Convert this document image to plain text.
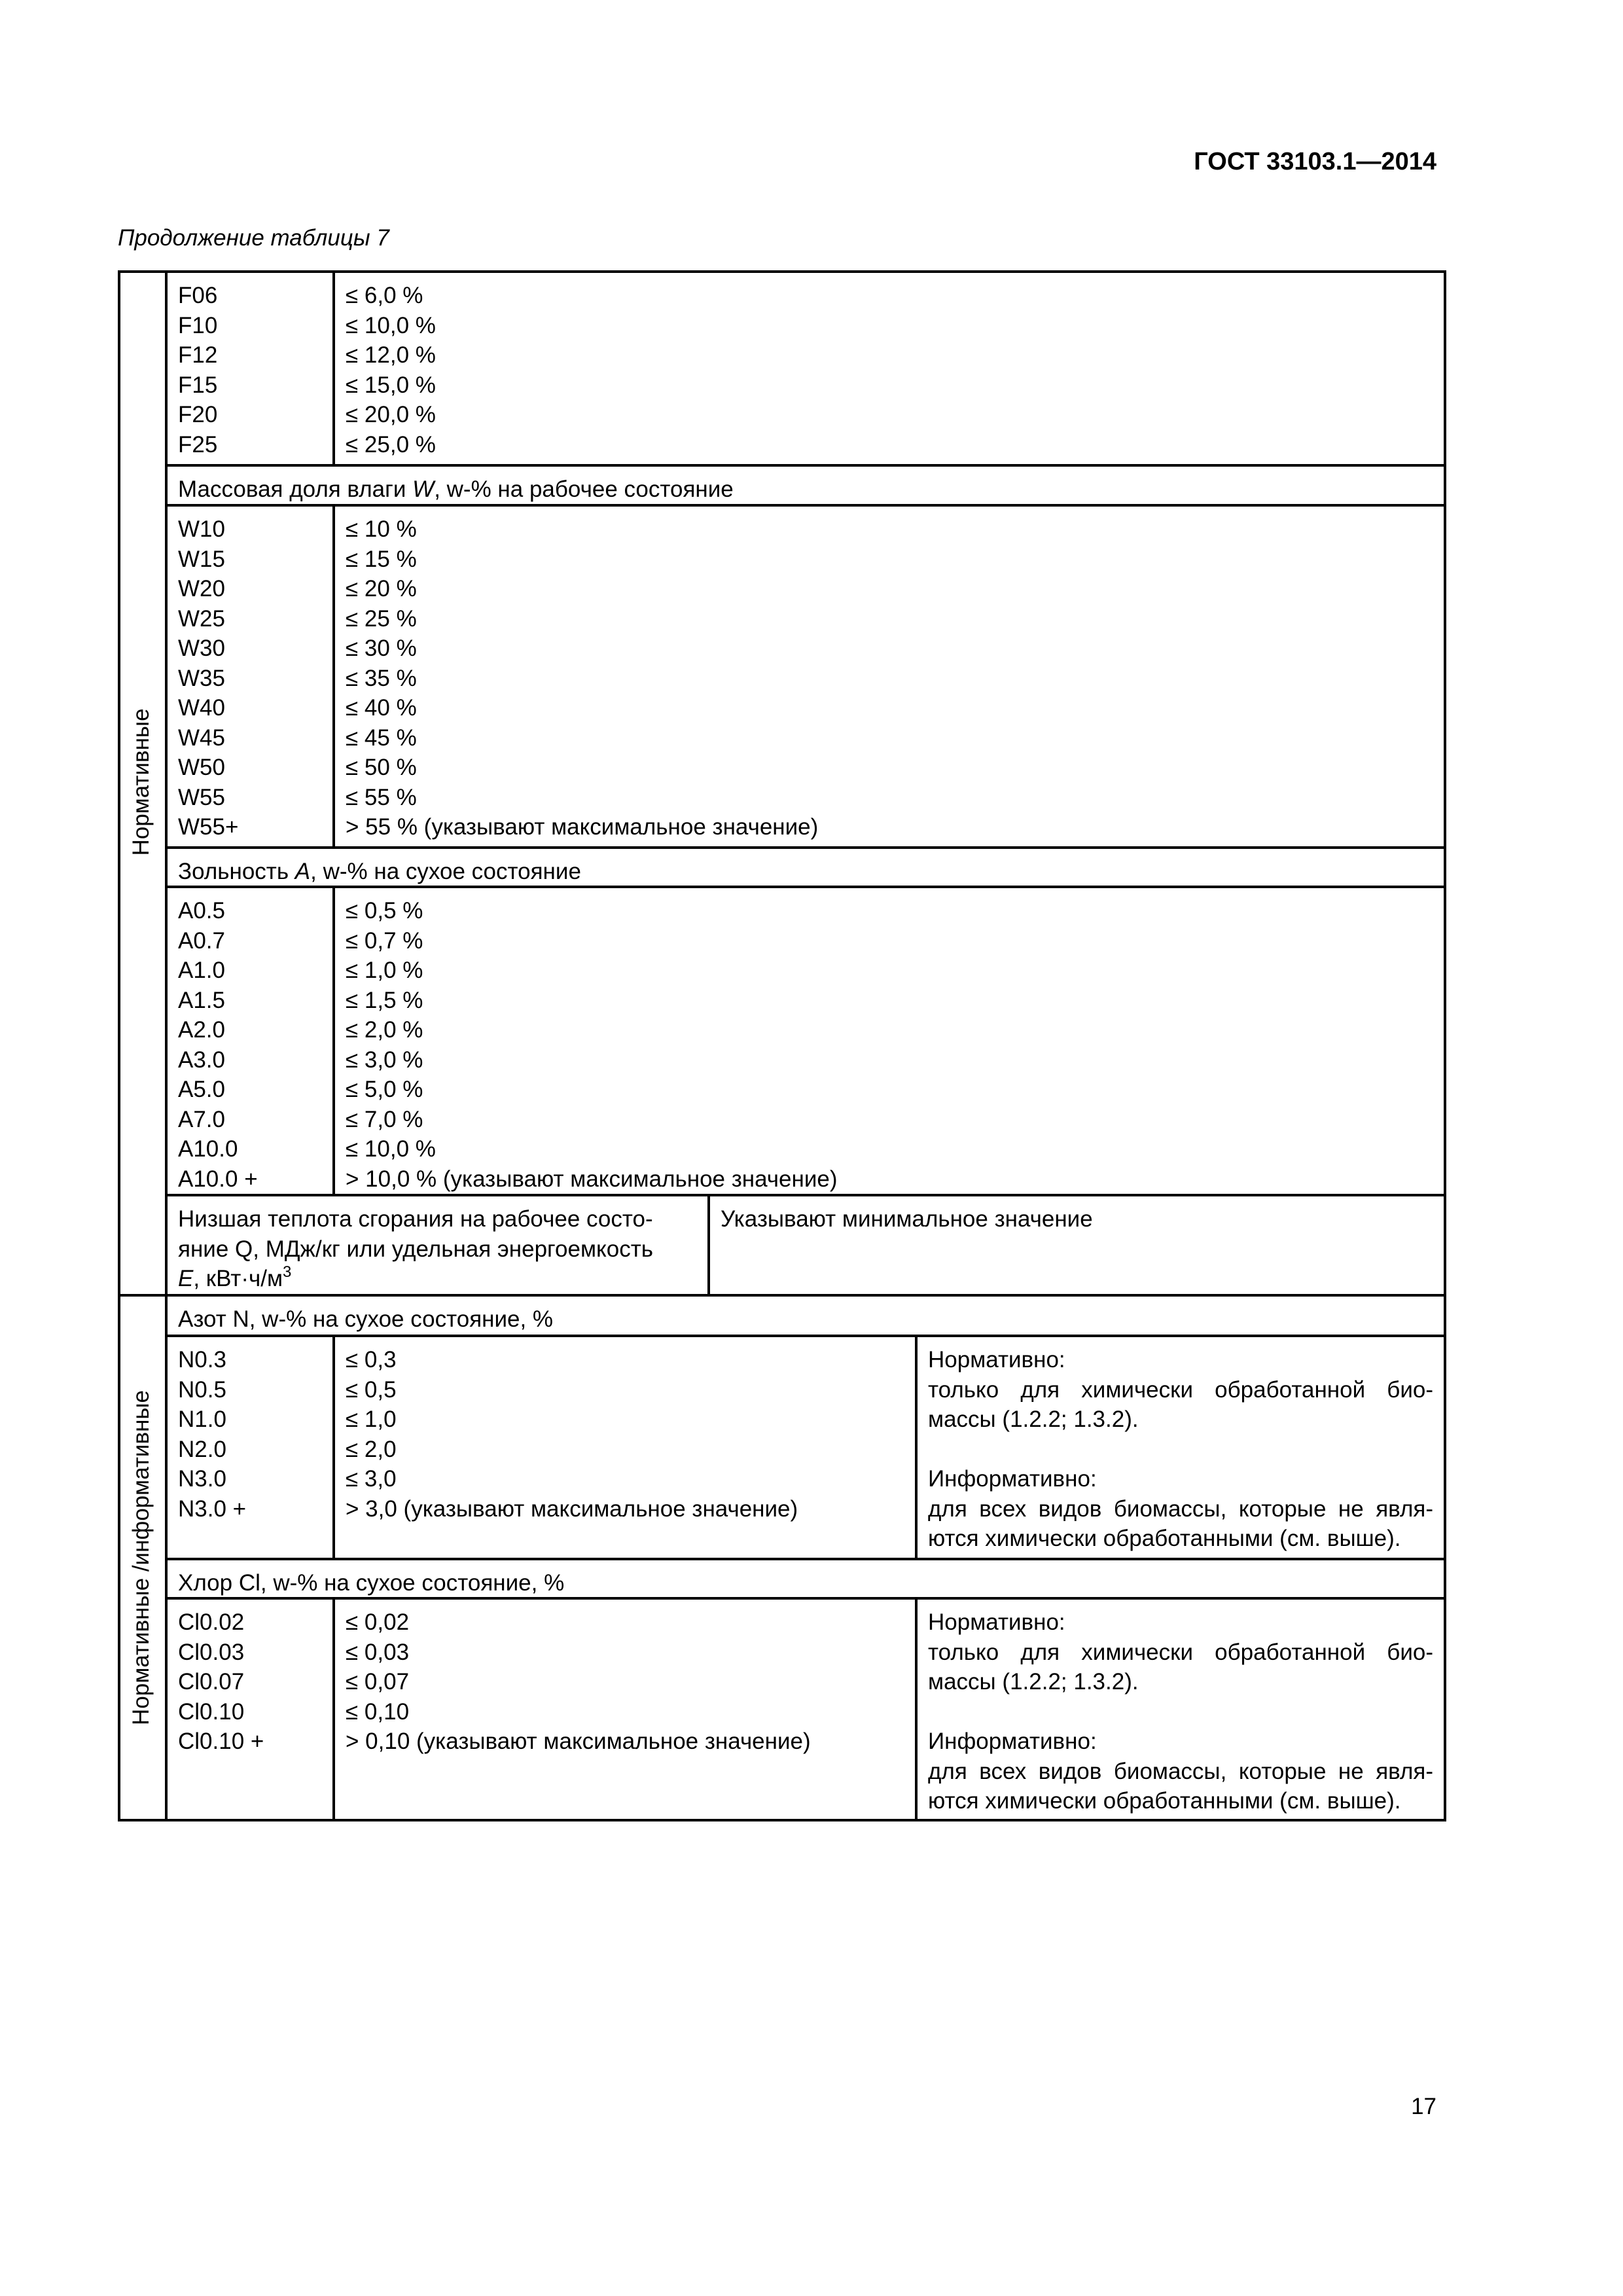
ГОСТ 33103.1—2014
Продолжение таблицы 7
Нормативные
Нормативные /информативные
F06
F10
F12
F15
F20
F25
≤ 6,0 %
≤ 10,0 %
≤ 12,0 %
≤ 15,0 %
≤ 20,0 %
≤ 25,0 %
Массовая доля влаги W, w-% на рабочее состояние
W10
W15
W20
W25
W30
W35
W40
W45
W50
W55
W55+
≤ 10 %
≤ 15 %
≤ 20 %
≤ 25 %
≤ 30 %
≤ 35 %
≤ 40 %
≤ 45 %
≤ 50 %
≤ 55 %
> 55 % (указывают максимальное значение)
Зольность A, w-% на сухое состояние
A0.5
A0.7
A1.0
A1.5
A2.0
A3.0
A5.0
A7.0
A10.0
A10.0 +
≤ 0,5 %
≤ 0,7 %
≤ 1,0 %
≤ 1,5 %
≤ 2,0 %
≤ 3,0 %
≤ 5,0 %
≤ 7,0 %
≤ 10,0 %
> 10,0 % (указывают максимальное значение)
Низшая теплота сгорания на рабочее состо-
яние Q, МДж/кг или удельная энергоемкость
E, $кВт\cdot ч/м^3$
Указывают минимальное значение
Азот N, w-% на сухое состояние, %
N0.3
N0.5
N1.0
N2.0
N3.0
N3.0 +
≤ 0,3
≤ 0,5
≤ 1,0
≤ 2,0
≤ 3,0
> 3,0 (указывают максимальное значение)
Нормативно:
только для химически обработанной био-
массы (1.2.2; 1.3.2).
Информативно:
для всех видов биомассы, которые не явля-
ются химически обработанными (см. выше).
Хлор Cl, w-% на сухое состояние, %
Cl0.02
Cl0.03
Cl0.07
Cl0.10
Cl0.10 +
≤ 0,02
≤ 0,03
≤ 0,07
≤ 0,10
> 0,10 (указывают максимальное значение)
Нормативно:
только для химически обработанной био-
массы (1.2.2; 1.3.2).
Информативно:
для всех видов биомассы, которые не явля-
ются химически обработанными (см. выше).
17
